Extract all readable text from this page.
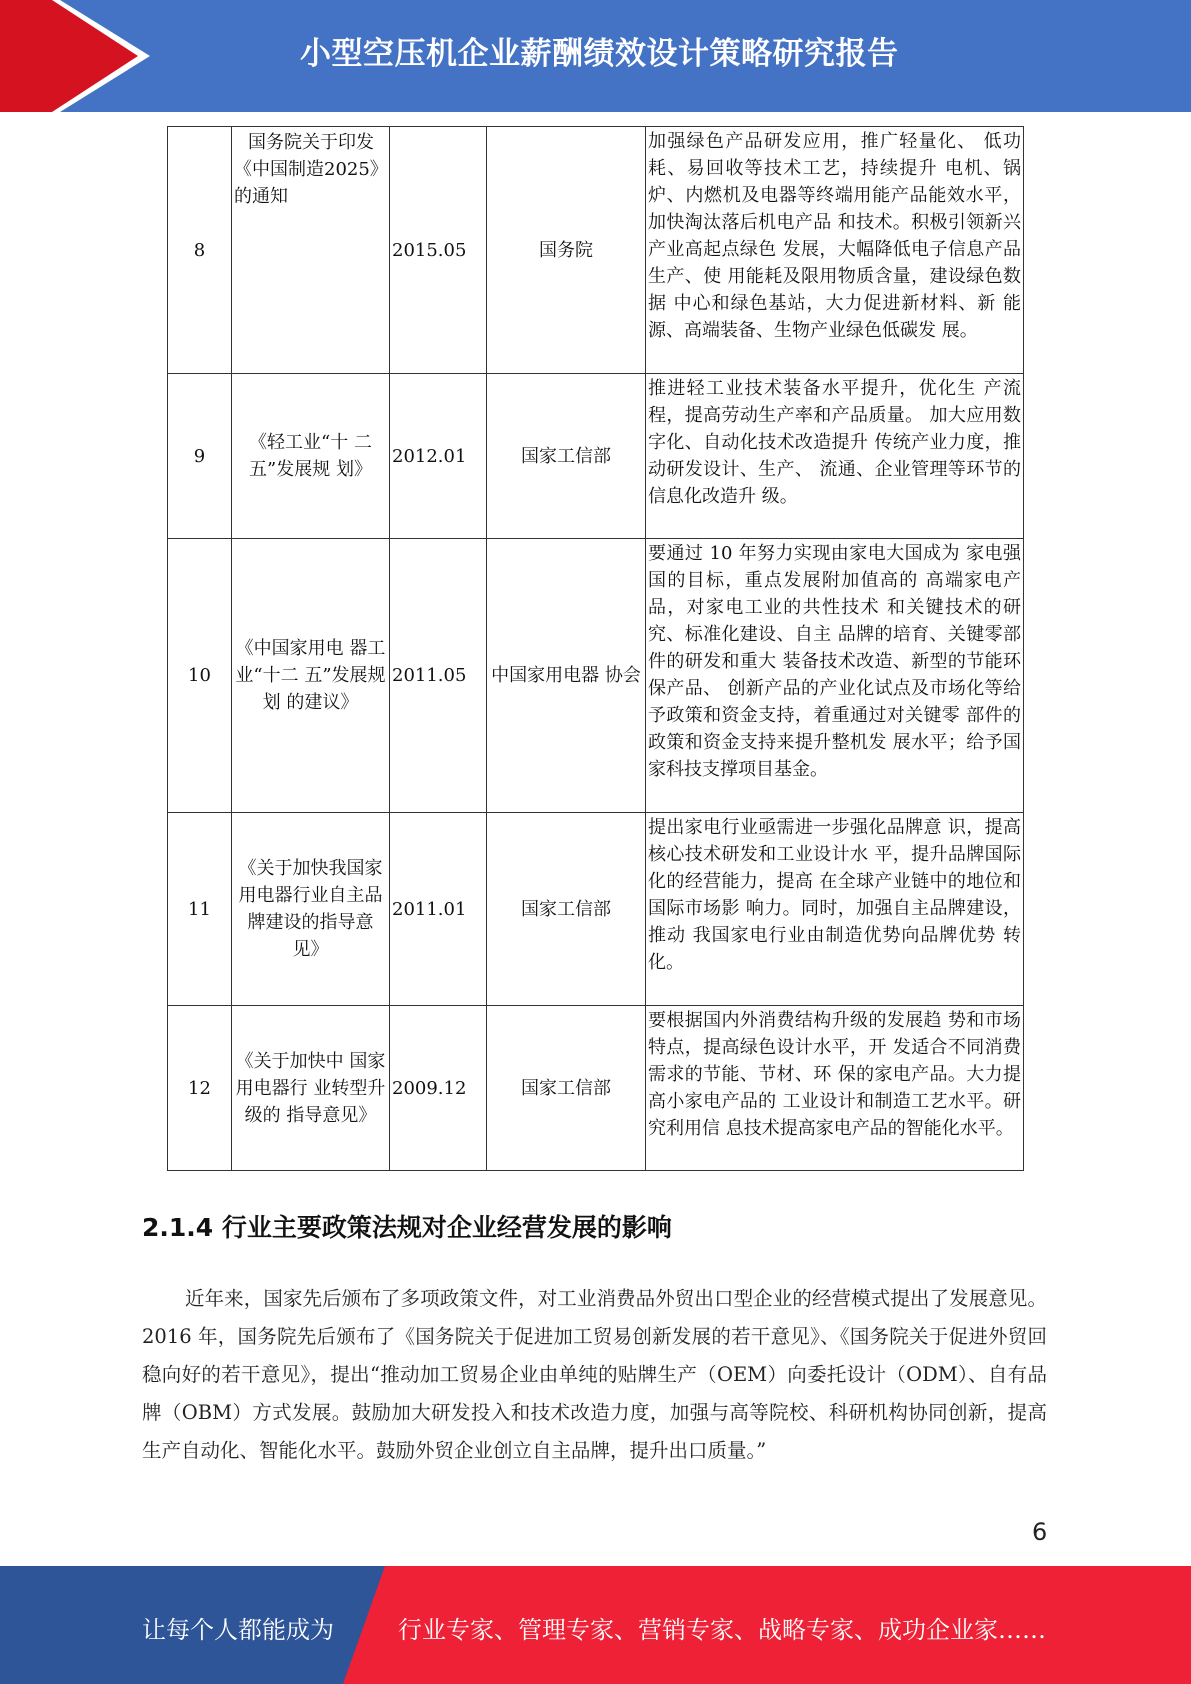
小型空压机企业薪酬绩效设计策略研究报告
8	国务院关于印发《中国制造2025》的通知	2015.05	国务院	加强绿色产品研发应用，推广轻量化、 低功耗、易回收等技术工艺，持续提升 电机、锅炉、内燃机及电器等终端用能产品能效水平，加快淘汰落后机电产品 和技术。积极引领新兴产业高起点绿色 发展，大幅降低电子信息产品生产、使 用能耗及限用物质含量，建设绿色数据 中心和绿色基站，大力促进新材料、新 能源、高端装备、生物产业绿色低碳发 展。
9	《轻工业“十 二五”发展规 划》	2012.01	国家工信部	推进轻工业技术装备水平提升，优化生 产流程，提高劳动生产率和产品质量。 加大应用数字化、自动化技术改造提升 传统产业力度，推动研发设计、生产、 流通、企业管理等环节的信息化改造升 级。
10	《中国家用电 器工业“十二 五”发展规划 的建议》	2011.05	中国家用电器 协会	要通过 10 年努力实现由家电大国成为 家电强国的目标，重点发展附加值高的 高端家电产品，对家电工业的共性技术 和关键技术的研究、标准化建设、自主 品牌的培育、关键零部件的研发和重大 装备技术改造、新型的节能环保产品、 创新产品的产业化试点及市场化等给 予政策和资金支持，着重通过对关键零 部件的政策和资金支持来提升整机发 展水平；给予国家科技支撑项目基金。
11	《关于加快我国家用电器行业自主品牌建设的指导意 见》	2011.01	国家工信部	提出家电行业亟需进一步强化品牌意 识，提高核心技术研发和工业设计水 平，提升品牌国际化的经营能力，提高 在全球产业链中的地位和国际市场影 响力。同时，加强自主品牌建设，推动 我国家电行业由制造优势向品牌优势 转化。
12	《关于加快中 国家用电器行 业转型升级的 指导意见》	2009.12	国家工信部	要根据国内外消费结构升级的发展趋 势和市场特点，提高绿色设计水平，开 发适合不同消费需求的节能、节材、环 保的家电产品。大力提高小家电产品的 工业设计和制造工艺水平。研究利用信 息技术提高家电产品的智能化水平。
2.1.4 行业主要政策法规对企业经营发展的影响
近年来，国家先后颁布了多项政策文件，对工业消费品外贸出口型企业的经营模式提出了发展意见。2016 年，国务院先后颁布了《国务院关于促进加工贸易创新发展的若干意见》、《国务院关于促进外贸回稳向好的若干意见》，提出“推动加工贸易企业由单纯的贴牌生产（OEM）向委托设计（ODM）、自有品牌（OBM）方式发展。鼓励加大研发投入和技术改造力度，加强与高等院校、科研机构协同创新，提高生产自动化、智能化水平。鼓励外贸企业创立自主品牌，提升出口质量。”
6
让每个人都能成为	行业专家、管理专家、营销专家、战略专家、成功企业家……
